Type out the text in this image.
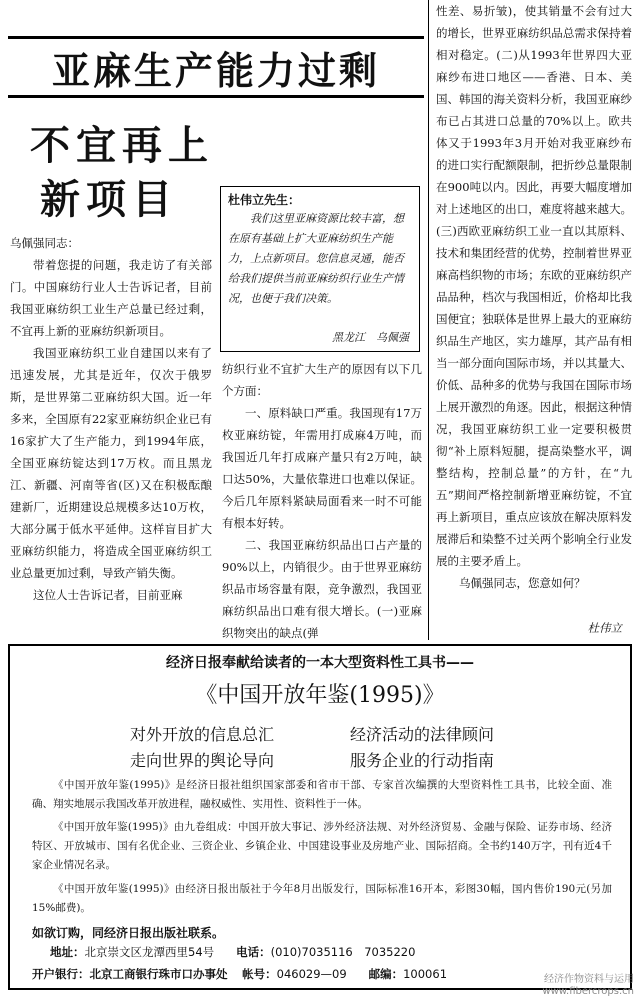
亚麻生产能力过剩
不宜再上
新项目	杜伟立先生：
我们这里亚麻资源比较丰富，想在原有基础上扩大亚麻纺织生产能力，上点新项目。您信息灵通，能否给我们提供当前亚麻纺织行业生产情况，也便于我们决策。
黑龙江　乌佩强

乌佩强同志：

带着您提的问题，我走访了有关部门。中国麻纺行业人士告诉记者，目前我国亚麻纺织工业生产总量已经过剩，不宜再上新的亚麻纺织新项目。

我国亚麻纺织工业自建国以来有了迅速发展，尤其是近年，仅次于俄罗斯，是世界第二亚麻纺织大国。近一年多来，全国原有22家亚麻纺织企业已有16家扩大了生产能力，到1994年底，全国亚麻纺锭达到17万枚。而且黑龙江、新疆、河南等省(区)又在积极酝酿建新厂，近期建设总规模多达10万枚，大部分属于低水平延伸。这样盲目扩大亚麻纺织能力，将造成全国亚麻纺织工业总量更加过剩，导致产销失衡。

这位人士告诉记者，目前亚麻

纺织行业不宜扩大生产的原因有以下几个方面：

一、原料缺口严重。我国现有17万枚亚麻纺锭，年需用打成麻4万吨，而我国近几年打成麻产量只有2万吨，缺口达50%，大量依靠进口也难以保证。今后几年原料紧缺局面看来一时不可能有根本好转。

二、我国亚麻纺织品出口占产量的90%以上，内销很少。由于世界亚麻纺织品市场容量有限，竞争激烈，我国亚麻纺织品出口难有很大增长。(一)亚麻织物突出的缺点(弹

性差、易折皱)，使其销量不会有过大的增长，世界亚麻纺织品总需求保持着相对稳定。(二)从1993年世界四大亚麻纱布进口地区——香港、日本、美国、韩国的海关资料分析，我国亚麻纱布已占其进口总量的70%以上。欧共体又于1993年3月开始对我亚麻纱布的进口实行配额限制，把折纱总量限制在900吨以内。因此，再要大幅度增加对上述地区的出口，难度将越来越大。(三)西欧亚麻纺织工业一直以其原料、技术和集团经营的优势，控制着世界亚麻高档织物的市场；东欧的亚麻纺织产品品种，档次与我国相近，价格却比我国便宜；独联体是世界上最大的亚麻纺织品生产地区，实力雄厚，其产品有相当一部分面向国际市场，并以其量大、价低、品种多的优势与我国在国际市场上展开激烈的角逐。因此，根据这种情况，我国亚麻纺织工业一定要积极贯彻“补上原料短腿，提高染整水平，调整结构，控制总量”的方针，在“九五”期间严格控制新增亚麻纺锭，不宜再上新项目，重点应该放在解决原料发展滞后和染整不过关两个影响全行业发展的主要矛盾上。

乌佩强同志，您意如何？

杜伟立
经济日报奉献给读者的一本大型资料性工具书——
《中国开放年鉴(1995)》
对外开放的信息总汇	经济活动的法律顾问
走向世界的舆论导向	服务企业的行动指南
《中国开放年鉴(1995)》是经济日报社组织国家部委和省市干部、专家首次编撰的大型资料性工具书，比较全面、准确、翔实地展示我国改革开放进程，融权威性、实用性、资料性于一体。
《中国开放年鉴(1995)》由九卷组成：中国开放大事记、涉外经济法规、对外经济贸易、金融与保险、证券市场、经济特区、开放城市、国有名优企业、三资企业、乡镇企业、中国建设事业及房地产业、国际招商。全书约140万字，刊有近4千家企业情况名录。
《中国开放年鉴(1995)》由经济日报出版社于今年8月出版发行，国际标准16开本，彩图30幅，国内售价190元(另加15%邮费)。
如欲订购，同经济日报出版社联系。
地址：北京崇文区龙潭西里54号 电话：(010)7035116　7035220
开户银行：北京工商银行珠市口办事处 帐号：046029—09 邮编：100061	经济作物资料与运用
www.fibercrops.cn
